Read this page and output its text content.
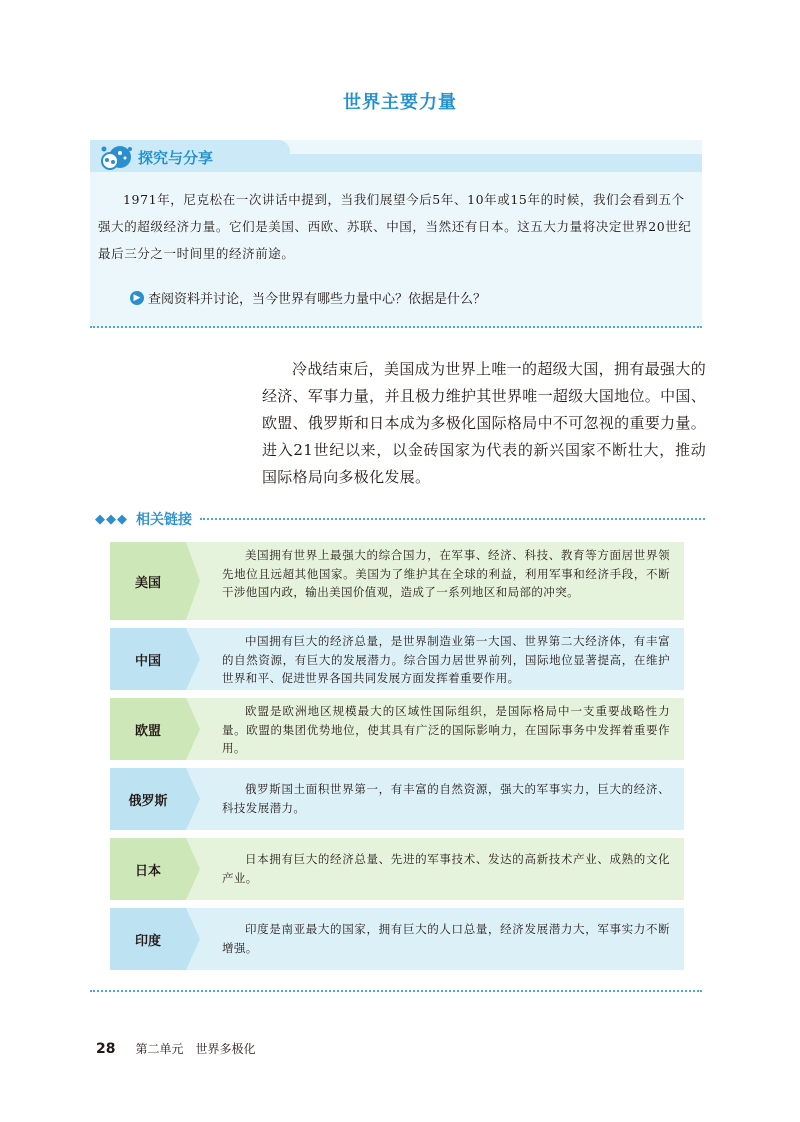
世界主要力量
探究与分享
1971年，尼克松在一次讲话中提到，当我们展望今后5年、10年或15年的时候，我们会看到五个强大的超级经济力量。它们是美国、西欧、苏联、中国，当然还有日本。这五大力量将决定世界20世纪最后三分之一时间里的经济前途。
▶ 查阅资料并讨论，当今世界有哪些力量中心？依据是什么？
冷战结束后，美国成为世界上唯一的超级大国，拥有最强大的经济、军事力量，并且极力维护其世界唯一超级大国地位。中国、欧盟、俄罗斯和日本成为多极化国际格局中不可忽视的重要力量。进入21世纪以来，以金砖国家为代表的新兴国家不断壮大，推动国际格局向多极化发展。
◆◆◆ 相关链接
美国
美国拥有世界上最强大的综合国力，在军事、经济、科技、教育等方面居世界领先地位且远超其他国家。美国为了维护其在全球的利益，利用军事和经济手段，不断干涉他国内政，输出美国价值观，造成了一系列地区和局部的冲突。
中国
中国拥有巨大的经济总量，是世界制造业第一大国、世界第二大经济体，有丰富的自然资源，有巨大的发展潜力。综合国力居世界前列，国际地位显著提高，在维护世界和平、促进世界各国共同发展方面发挥着重要作用。
欧盟
欧盟是欧洲地区规模最大的区域性国际组织，是国际格局中一支重要战略性力量。欧盟的集团优势地位，使其具有广泛的国际影响力，在国际事务中发挥着重要作用。
俄罗斯
俄罗斯国土面积世界第一，有丰富的自然资源，强大的军事实力，巨大的经济、科技发展潜力。
日本
日本拥有巨大的经济总量、先进的军事技术、发达的高新技术产业、成熟的文化产业。
印度
印度是南亚最大的国家，拥有巨大的人口总量，经济发展潜力大，军事实力不断增强。
28 第二单元 世界多极化
